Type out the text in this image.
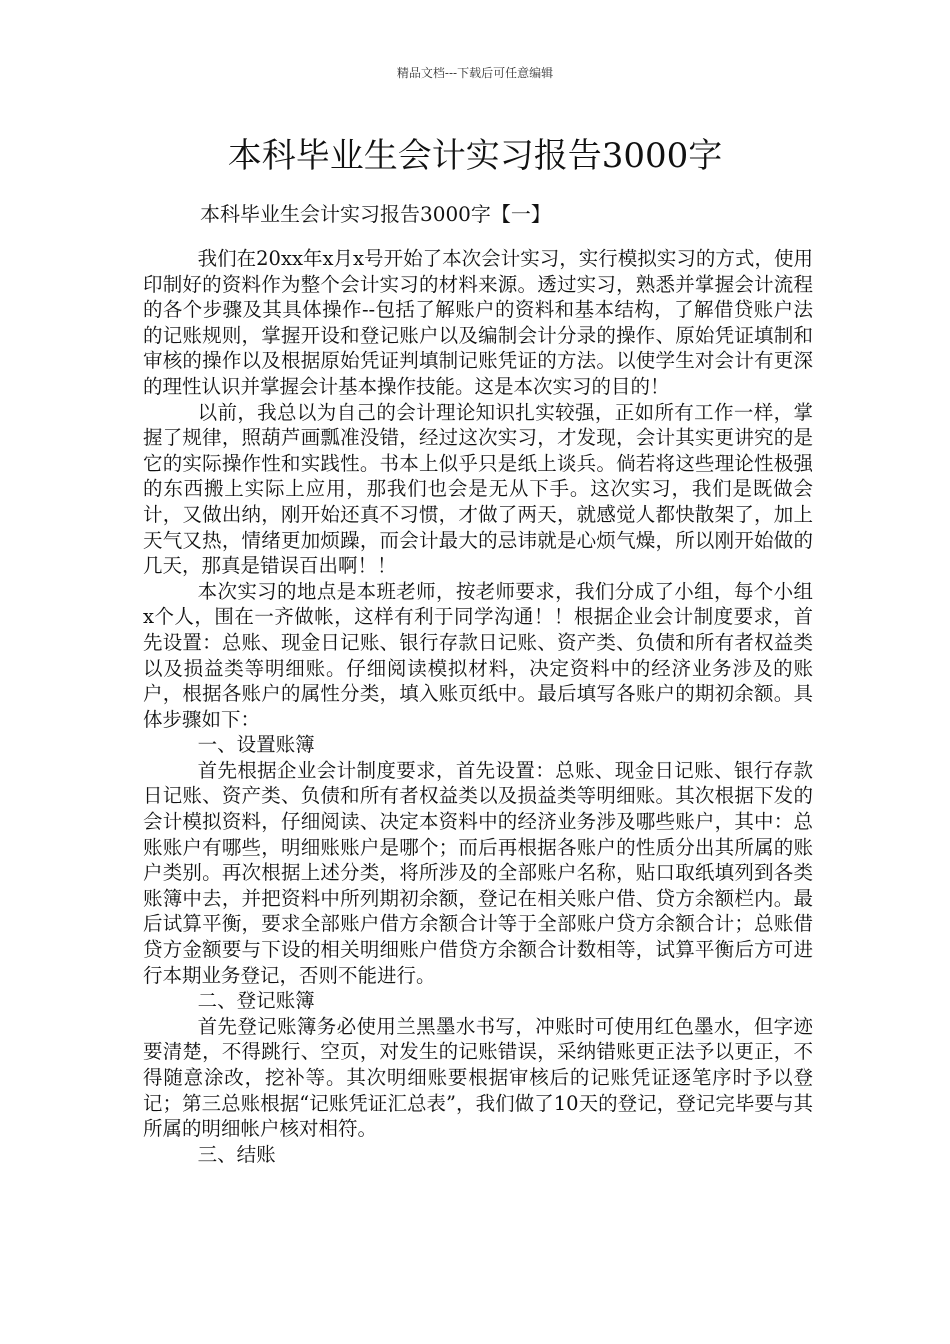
精品文档---下载后可任意编辑
本科毕业生会计实习报告3000字
本科毕业生会计实习报告3000字【一】

我们在20xx年x月x号开始了本次会计实习，实行模拟实习的方式，使用印制好的资料作为整个会计实习的材料来源。透过实习，熟悉并掌握会计流程的各个步骤及其具体操作--包括了解账户的资料和基本结构，了解借贷账户法的记账规则，掌握开设和登记账户以及编制会计分录的操作、原始凭证填制和审核的操作以及根据原始凭证判填制记账凭证的方法。以使学生对会计有更深的理性认识并掌握会计基本操作技能。这是本次实习的目的！

以前，我总以为自己的会计理论知识扎实较强，正如所有工作一样，掌握了规律，照葫芦画瓢准没错，经过这次实习，才发现，会计其实更讲究的是它的实际操作性和实践性。书本上似乎只是纸上谈兵。倘若将这些理论性极强的东西搬上实际上应用，那我们也会是无从下手。这次实习，我们是既做会计，又做出纳，刚开始还真不习惯，才做了两天，就感觉人都快散架了，加上天气又热，情绪更加烦躁，而会计最大的忌讳就是心烦气燥，所以刚开始做的几天，那真是错误百出啊！！

本次实习的地点是本班老师，按老师要求，我们分成了小组，每个小组x个人，围在一齐做帐，这样有利于同学沟通！！根据企业会计制度要求，首先设置：总账、现金日记账、银行存款日记账、资产类、负债和所有者权益类以及损益类等明细账。仔细阅读模拟材料，决定资料中的经济业务涉及的账户，根据各账户的属性分类，填入账页纸中。最后填写各账户的期初余额。具体步骤如下：

一、设置账簿

首先根据企业会计制度要求，首先设置：总账、现金日记账、银行存款日记账、资产类、负债和所有者权益类以及损益类等明细账。其次根据下发的会计模拟资料，仔细阅读、决定本资料中的经济业务涉及哪些账户，其中：总账账户有哪些，明细账账户是哪个；而后再根据各账户的性质分出其所属的账户类别。再次根据上述分类，将所涉及的全部账户名称，贴口取纸填列到各类账簿中去，并把资料中所列期初余额，登记在相关账户借、贷方余额栏内。最后试算平衡，要求全部账户借方余额合计等于全部账户贷方余额合计；总账借贷方金额要与下设的相关明细账户借贷方余额合计数相等，试算平衡后方可进行本期业务登记，否则不能进行。

二、登记账簿

首先登记账簿务必使用兰黑墨水书写，冲账时可使用红色墨水，但字迹要清楚，不得跳行、空页，对发生的记账错误，采纳错账更正法予以更正，不得随意涂改，挖补等。其次明细账要根据审核后的记账凭证逐笔序时予以登记；第三总账根据“记账凭证汇总表”，我们做了10天的登记，登记完毕要与其所属的明细帐户核对相符。

三、结账
